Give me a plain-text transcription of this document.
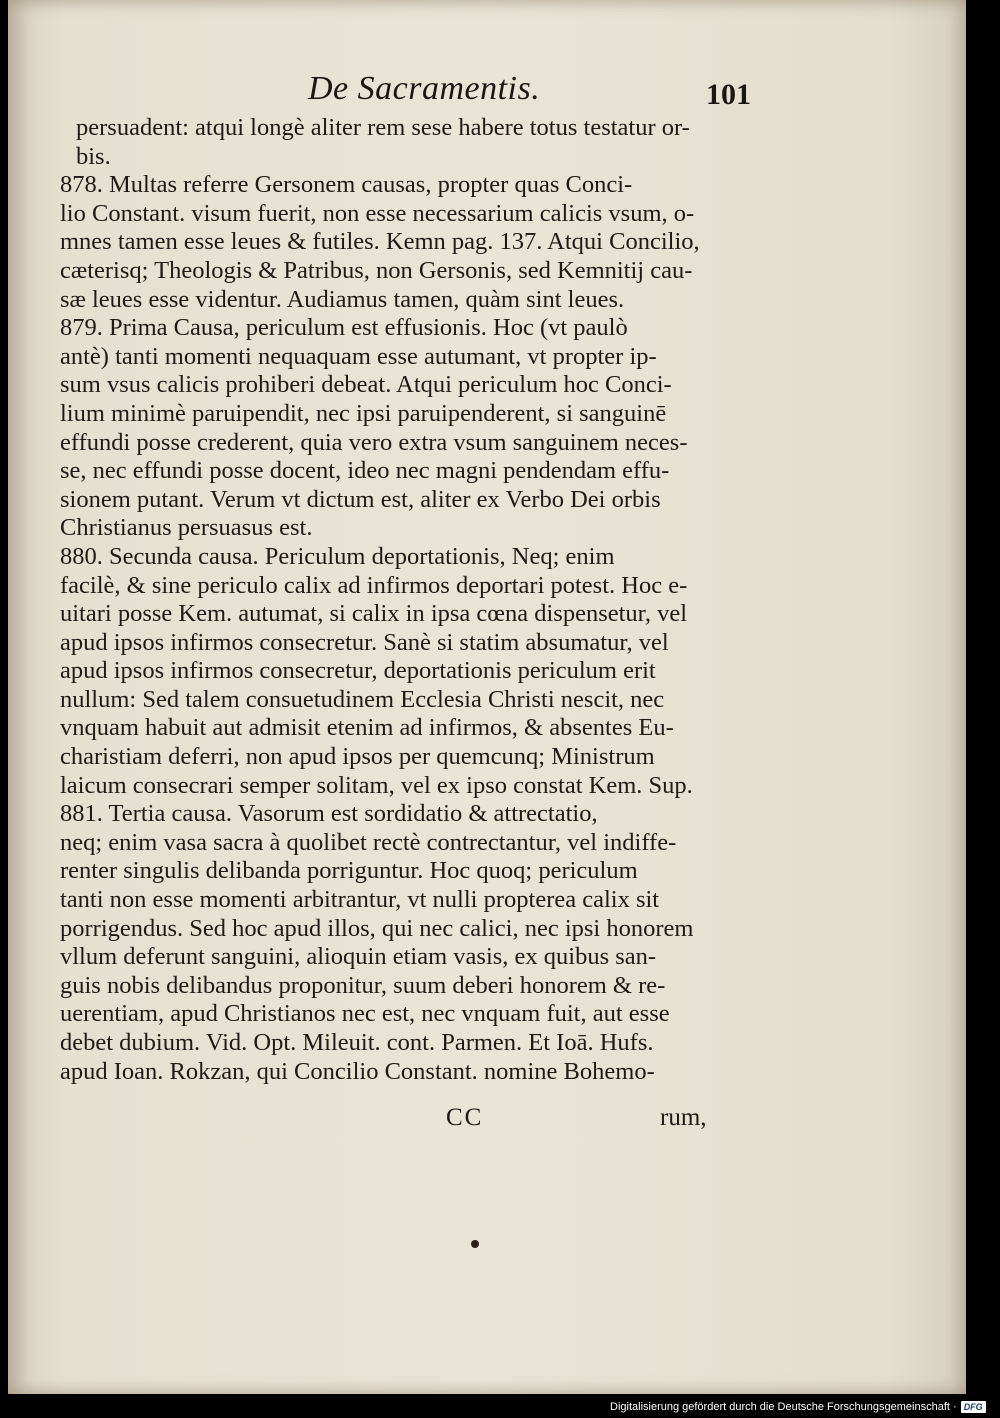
De Sacramentis.	101
persuadent: atqui longè aliter rem sese habere totus testatur or-
bis.
878. Multas referre Gersonem causas, propter quas Conci-
lio Constant. visum fuerit, non esse necessarium calicis vsum, o-
mnes tamen esse leues & futiles. Kemn pag. 137. Atqui Concilio,
cæterisq; Theologis & Patribus, non Gersonis, sed Kemnitij cau-
sæ leues esse videntur. Audiamus tamen, quàm sint leues.
879. Prima Causa, periculum est effusionis. Hoc (vt paulò
antè) tanti momenti nequaquam esse autumant, vt propter ip-
sum vsus calicis prohiberi debeat. Atqui periculum hoc Conci-
lium minimè paruipendit, nec ipsi paruipenderent, si sanguinē
effundi posse crederent, quia vero extra vsum sanguinem neces-
se, nec effundi posse docent, ideo nec magni pendendam effu-
sionem putant. Verum vt dictum est, aliter ex Verbo Dei orbis
Christianus persuasus est.
880. Secunda causa. Periculum deportationis, Neq; enim
facilè, & sine periculo calix ad infirmos deportari potest. Hoc e-
uitari posse Kem. autumat, si calix in ipsa cœna dispensetur, vel
apud ipsos infirmos consecretur. Sanè si statim absumatur, vel
apud ipsos infirmos consecretur, deportationis periculum erit
nullum: Sed talem consuetudinem Ecclesia Christi nescit, nec
vnquam habuit aut admisit etenim ad infirmos, & absentes Eu-
charistiam deferri, non apud ipsos per quemcunq; Ministrum
laicum consecrari semper solitam, vel ex ipso constat Kem. Sup.
881. Tertia causa. Vasorum est sordidatio & attrectatio,
neq; enim vasa sacra à quolibet rectè contrectantur, vel indiffe-
renter singulis delibanda porriguntur. Hoc quoq; periculum
tanti non esse momenti arbitrantur, vt nulli propterea calix sit
porrigendus. Sed hoc apud illos, qui nec calici, nec ipsi honorem
vllum deferunt sanguini, alioquin etiam vasis, ex quibus san-
guis nobis delibandus proponitur, suum deberi honorem & re-
uerentiam, apud Christianos nec est, nec vnquam fuit, aut esse
debet dubium. Vid. Opt. Mileuit. cont. Parmen. Et Ioā. Hufs.
apud Ioan. Rokzan, qui Concilio Constant. nomine Bohemo-
CC	rum,
Digitalisierung gefördert durch die Deutsche Forschungsgemeinschaft · DFG
